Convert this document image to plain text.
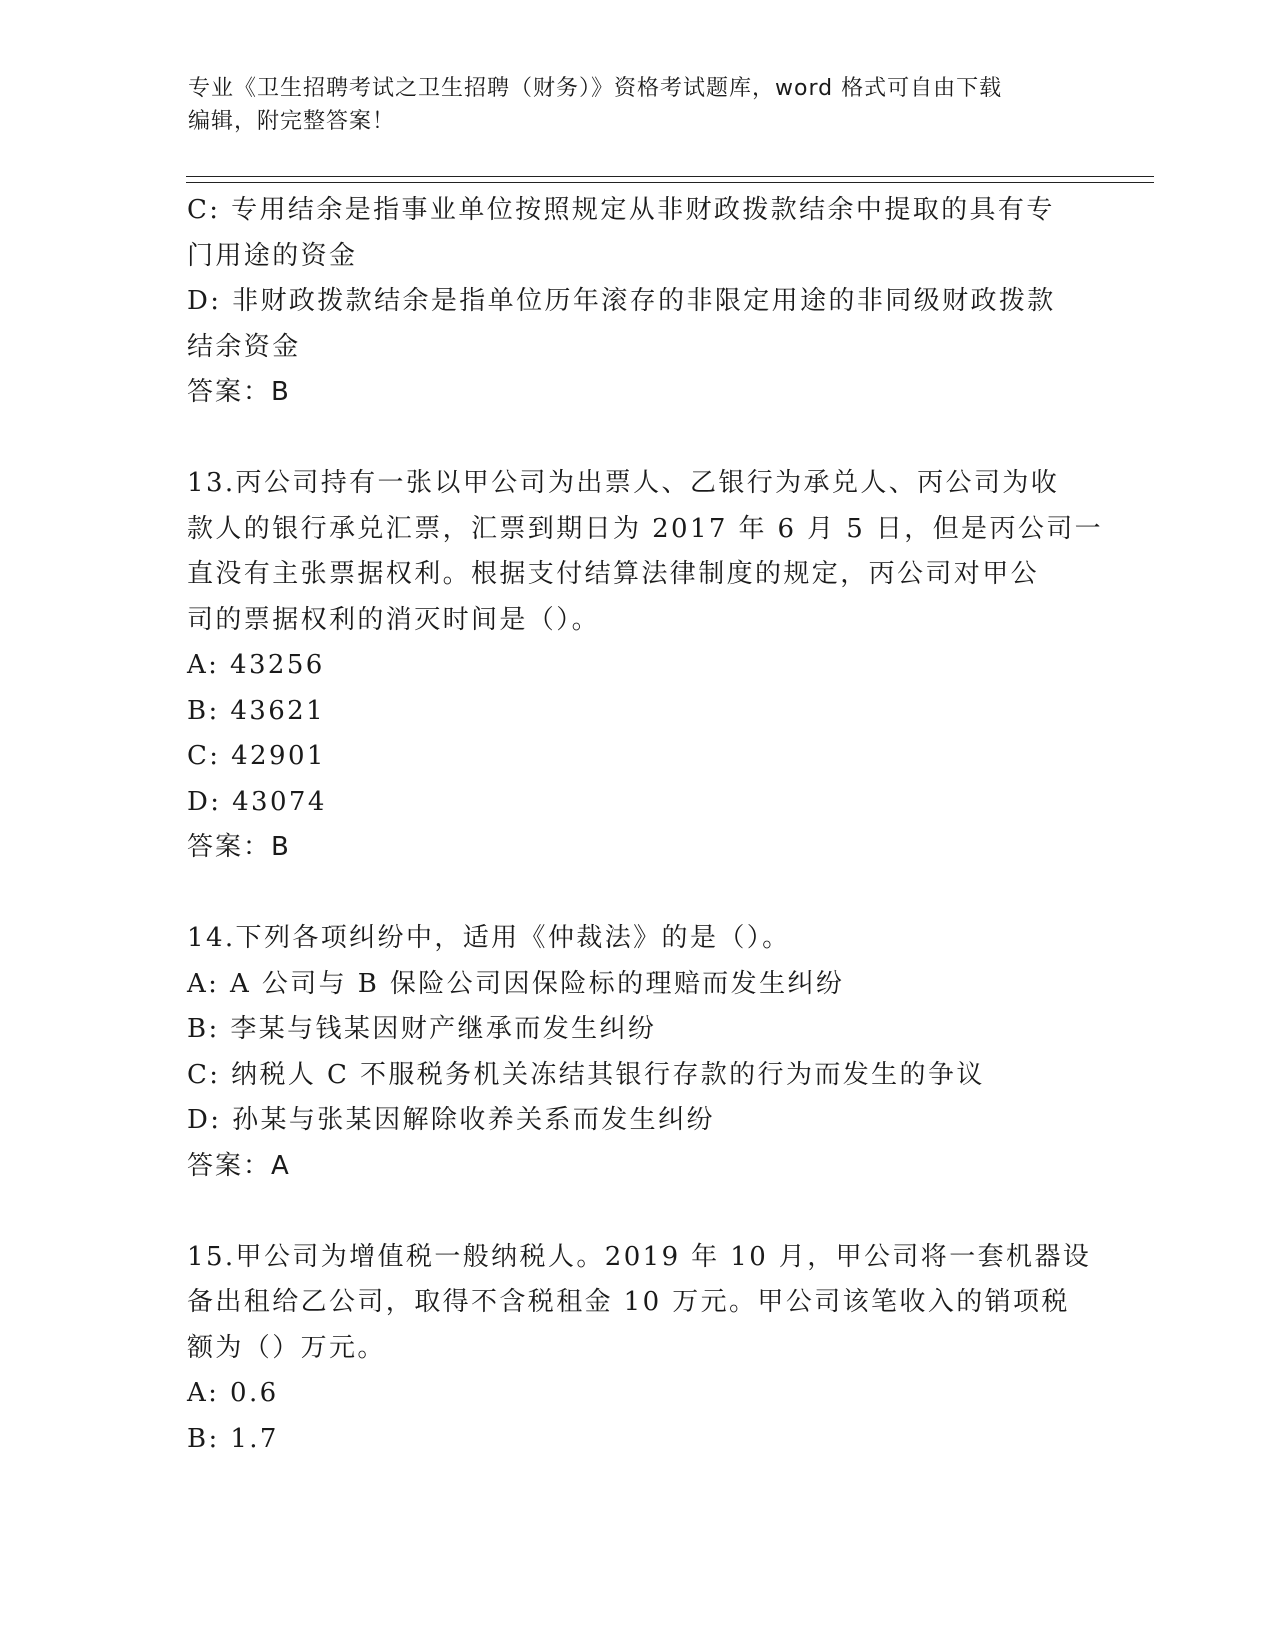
专业《卫生招聘考试之卫生招聘（财务）》资格考试题库，word 格式可自由下载
编辑，附完整答案！

C: 专用结余是指事业单位按照规定从非财政拨款结余中提取的具有专

门用途的资金

D: 非财政拨款结余是指单位历年滚存的非限定用途的非同级财政拨款

结余资金

答案：B

13.丙公司持有一张以甲公司为出票人、乙银行为承兑人、丙公司为收

款人的银行承兑汇票，汇票到期日为 2017 年 6 月 5 日，但是丙公司一

直没有主张票据权利。根据支付结算法律制度的规定，丙公司对甲公

司的票据权利的消灭时间是（）。

A: 43256

B: 43621

C: 42901

D: 43074

答案：B

14.下列各项纠纷中，适用《仲裁法》的是（）。

A: A 公司与 B 保险公司因保险标的理赔而发生纠纷

B: 李某与钱某因财产继承而发生纠纷

C: 纳税人 C 不服税务机关冻结其银行存款的行为而发生的争议

D: 孙某与张某因解除收养关系而发生纠纷

答案：A

15.甲公司为增值税一般纳税人。2019 年 10 月，甲公司将一套机器设

备出租给乙公司，取得不含税租金 10 万元。甲公司该笔收入的销项税

额为（）万元。

A: 0.6

B: 1.7
